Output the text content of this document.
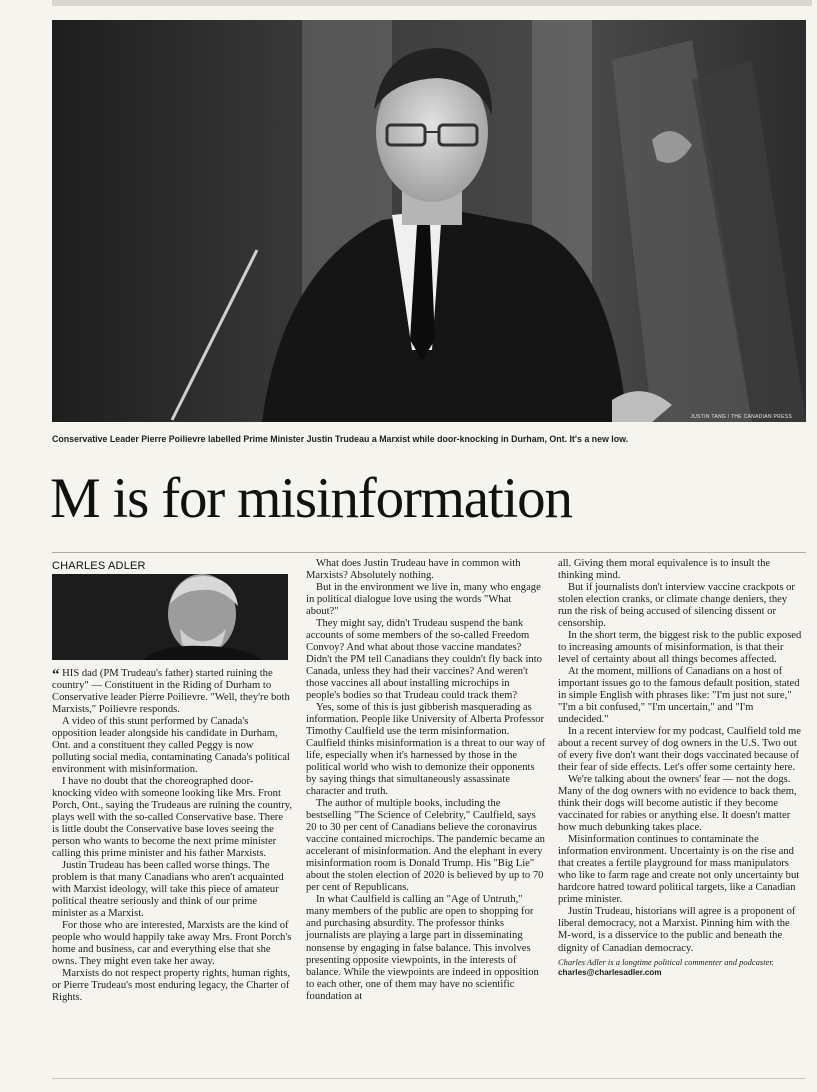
JUSTIN TANG / THE CANADIAN PRESS
Conservative Leader Pierre Poilievre labelled Prime Minister Justin Trudeau a Marxist while door-knocking in Durham, Ont. It's a new low.
M is for misinformation
CHARLES ADLER

“ HIS dad (PM Trudeau's father) started ruining the country" — Constituent in the Riding of Durham to Conservative leader Pierre Poilievre. "Well, they're both Marxists," Poilievre responds.

A video of this stunt performed by Canada's opposition leader alongside his candidate in Durham, Ont. and a constituent they called Peggy is now polluting social media, contaminating Canada's political environment with misinformation.

I have no doubt that the choreographed door-knocking video with someone looking like Mrs. Front Porch, Ont., saying the Trudeaus are ruining the country, plays well with the so-called Conservative base. There is little doubt the Conservative base loves seeing the person who wants to become the next prime minister calling this prime minister and his father Marxists.

Justin Trudeau has been called worse things. The problem is that many Canadians who aren't acquainted with Marxist ideology, will take this piece of amateur political theatre seriously and think of our prime minister as a Marxist.

For those who are interested, Marxists are the kind of people who would happily take away Mrs. Front Porch's home and business, car and everything else that she owns. They might even take her away.

Marxists do not respect property rights, human rights, or Pierre Trudeau's most enduring legacy, the Charter of Rights.

What does Justin Trudeau have in common with Marxists? Absolutely nothing.

But in the environment we live in, many who engage in political dialogue love using the words "What about?"

They might say, didn't Trudeau suspend the bank accounts of some members of the so-called Freedom Convoy? And what about those vaccine mandates? Didn't the PM tell Canadians they couldn't fly back into Canada, unless they had their vaccines? And weren't those vaccines all about installing microchips in people's bodies so that Trudeau could track them?

Yes, some of this is just gibberish masquerading as information. People like University of Alberta Professor Timothy Caulfield use the term misinformation. Caulfield thinks misinformation is a threat to our way of life, especially when it's harnessed by those in the political world who wish to demonize their opponents by saying things that simultaneously assassinate character and truth.

The author of multiple books, including the bestselling "The Science of Celebrity," Caulfield, says 20 to 30 per cent of Canadians believe the coronavirus vaccine contained microchips. The pandemic became an accelerant of misinformation. And the elephant in every misinformation room is Donald Trump. His "Big Lie" about the stolen election of 2020 is believed by up to 70 per cent of Republicans.

In what Caulfield is calling an "Age of Untruth," many members of the public are open to shopping for and purchasing absurdity. The professor thinks journalists are playing a large part in disseminating nonsense by engaging in false balance. This involves presenting opposite viewpoints, in the interests of balance. While the viewpoints are indeed in opposition to each other, one of them may have no scientific foundation at

all. Giving them moral equivalence is to insult the thinking mind.

But if journalists don't interview vaccine crackpots or stolen election cranks, or climate change deniers, they run the risk of being accused of silencing dissent or censorship.

In the short term, the biggest risk to the public exposed to increasing amounts of misinformation, is that their level of certainty about all things becomes affected.

At the moment, millions of Canadians on a host of important issues go to the famous default position, stated in simple English with phrases like: "I'm just not sure," "I'm a bit confused," "I'm uncertain," and "I'm undecided."

In a recent interview for my podcast, Caulfield told me about a recent survey of dog owners in the U.S. Two out of every five don't want their dogs vaccinated because of their fear of side effects. Let's offer some certainty here.

We're talking about the owners' fear — not the dogs. Many of the dog owners with no evidence to back them, think their dogs will become autistic if they become vaccinated for rabies or anything else. It doesn't matter how much debunking takes place.

Misinformation continues to contaminate the information environment. Uncertainty is on the rise and that creates a fertile playground for mass manipulators who like to farm rage and create not only uncertainty but hardcore hatred toward political targets, like a Canadian prime minister.

Justin Trudeau, historians will agree is a proponent of liberal democracy, not a Marxist. Pinning him with the M-word, is a disservice to the public and beneath the dignity of Canadian democracy.

Charles Adler is a longtime political commenter and podcaster.
charles@charlesadler.com
